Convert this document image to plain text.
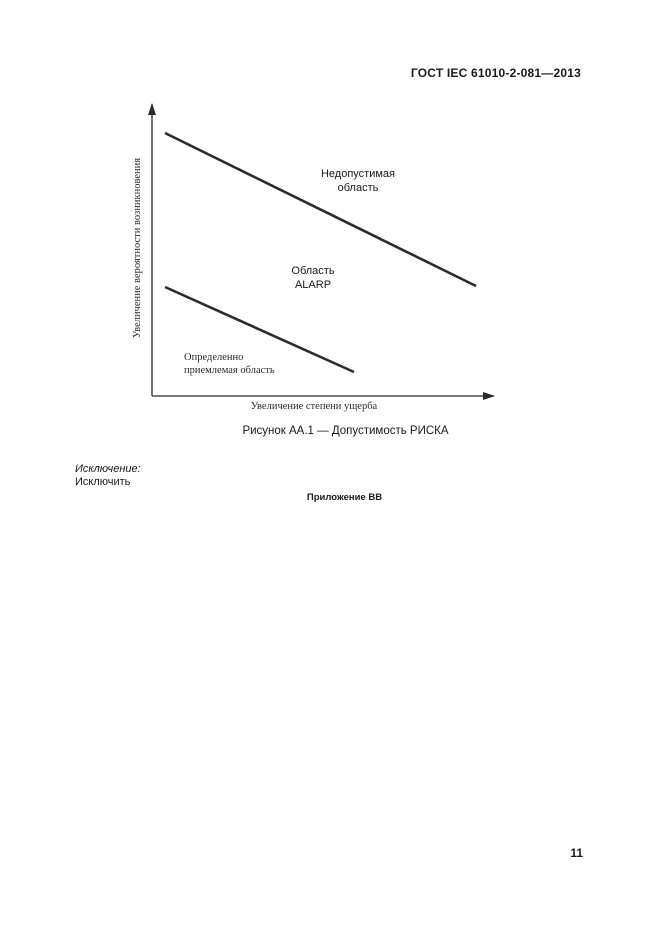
ГОСТ IEC 61010-2-081—2013
Увеличение вероятности возникновения
Увеличение степени ущерба
Недопустимая
область
Область
ALARP
Определенно
приемлемая область
Рисунок АА.1 — Допустимость РИСКА
Исключение:
Исключить
Приложение ВВ
11
